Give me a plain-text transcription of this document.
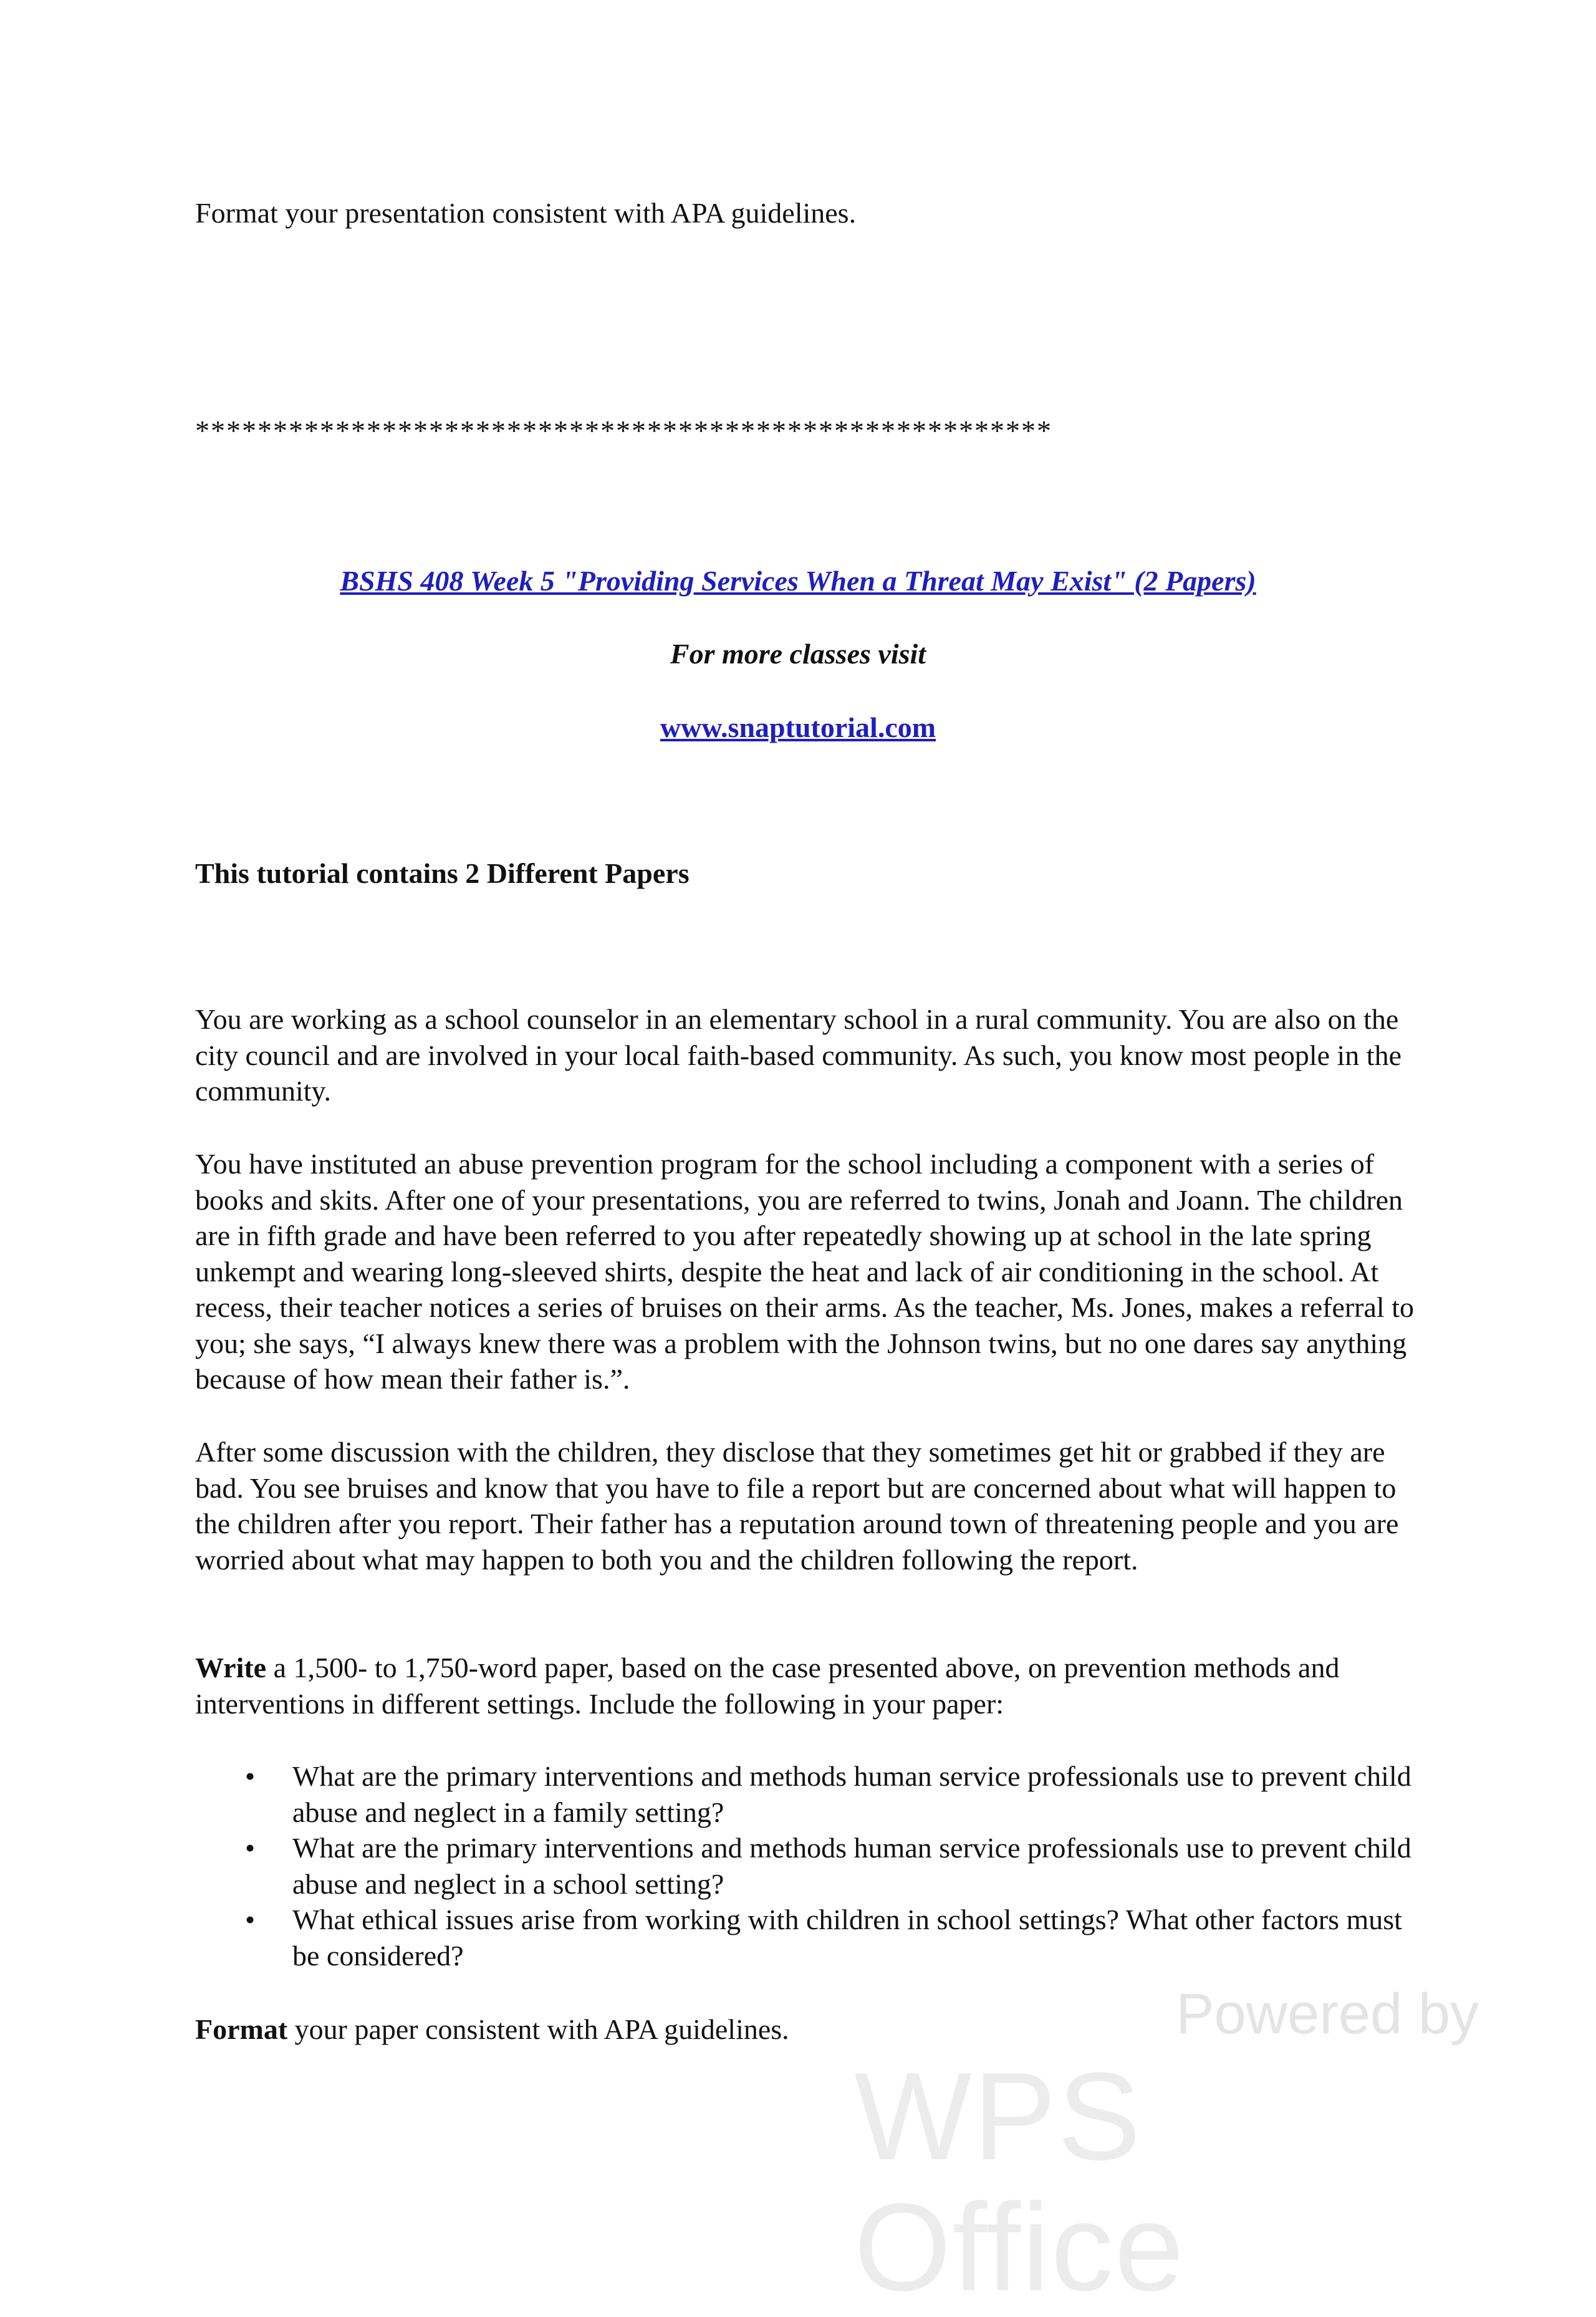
Format your presentation consistent with APA guidelines.

*******************************************************

BSHS 408 Week 5 "Providing Services When a Threat May Exist" (2 Papers)

For more classes visit

www.snaptutorial.com

This tutorial contains 2 Different Papers

You are working as a school counselor in an elementary school in a rural community. You are also on the city council and are involved in your local faith-based community. As such, you know most people in the community.

You have instituted an abuse prevention program for the school including a component with a series of books and skits. After one of your presentations, you are referred to twins, Jonah and Joann. The children are in fifth grade and have been referred to you after repeatedly showing up at school in the late spring unkempt and wearing long-sleeved shirts, despite the heat and lack of air conditioning in the school. At recess, their teacher notices a series of bruises on their arms. As the teacher, Ms. Jones, makes a referral to you; she says, “I always knew there was a problem with the Johnson twins, but no one dares say anything because of how mean their father is.”.

After some discussion with the children, they disclose that they sometimes get hit or grabbed if they are bad. You see bruises and know that you have to file a report but are concerned about what will happen to the children after you report. Their father has a reputation around town of threatening people and you are worried about what may happen to both you and the children following the report.

Write a 1,500- to 1,750-word paper, based on the case presented above, on prevention methods and interventions in different settings. Include the following in your paper:

• What are the primary interventions and methods human service professionals use to prevent child abuse and neglect in a family setting?
• What are the primary interventions and methods human service professionals use to prevent child abuse and neglect in a school setting?
• What ethical issues arise from working with children in school settings? What other factors must be considered?

Format your paper consistent with APA guidelines.	Powered by
WPS Office
